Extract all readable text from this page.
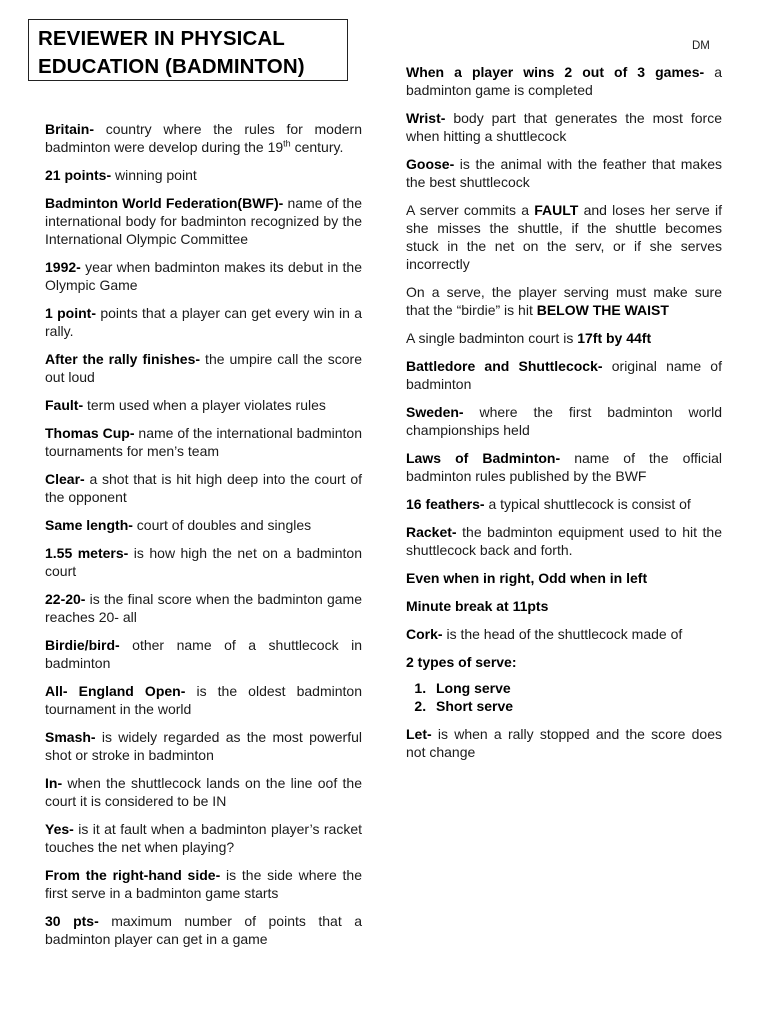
REVIEWER IN PHYSICAL
EDUCATION (BADMINTON)
DM

Britain- country where the rules for modern badminton were develop during the 19th century.

21 points- winning point

Badminton World Federation(BWF)- name of the international body for badminton recognized by the International Olympic Committee

1992- year when badminton makes its debut in the Olympic Game

1 point- points that a player can get every win in a rally.

After the rally finishes- the umpire call the score out loud

Fault- term used when a player violates rules

Thomas Cup- name of the international badminton tournaments for men’s team

Clear- a shot that is hit high deep into the court of the opponent

Same length- court of doubles and singles

1.55 meters- is how high the net on a badminton court

22-20- is the final score when the badminton game reaches 20- all

Birdie/bird- other name of a shuttlecock in badminton

All- England Open- is the oldest badminton tournament in the world

Smash- is widely regarded as the most powerful shot or stroke in badminton

In- when the shuttlecock lands on the line oof the court it is considered to be IN

Yes- is it at fault when a badminton player’s racket touches the net when playing?

From the right-hand side- is the side where the first serve in a badminton game starts

30 pts- maximum number of points that a badminton player can get in a game

When a player wins 2 out of 3 games- a badminton game is completed

Wrist- body part that generates the most force when hitting a shuttlecock

Goose- is the animal with the feather that makes the best shuttlecock

A server commits a FAULT and loses her serve if she misses the shuttle, if the shuttle becomes stuck in the net on the serv, or if she serves incorrectly

On a serve, the player serving must make sure that the “birdie” is hit BELOW THE WAIST

A single badminton court is 17ft by 44ft

Battledore and Shuttlecock- original name of badminton

Sweden- where the first badminton world championships held

Laws of Badminton- name of the official badminton rules published by the BWF

16 feathers- a typical shuttlecock is consist of

Racket- the badminton equipment used to hit the shuttlecock back and forth.

Even when in right, Odd when in left

Minute break at 11pts

Cork- is the head of the shuttlecock made of

2 types of serve:

1. Long serve
2. Short serve

Let- is when a rally stopped and the score does not change
